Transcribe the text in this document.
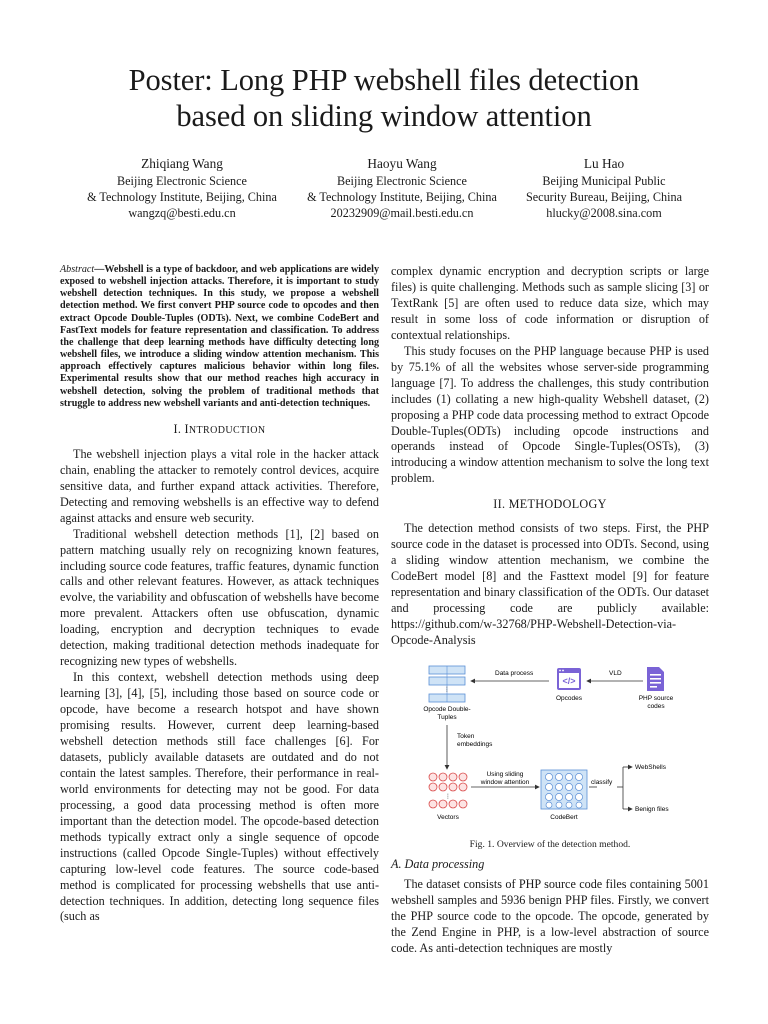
Poster: Long PHP webshell files detection
based on sliding window attention
Zhiqiang Wang
Beijing Electronic Science
& Technology Institute, Beijing, China
wangzq@besti.edu.cn
Haoyu Wang
Beijing Electronic Science
& Technology Institute, Beijing, China
20232909@mail.besti.edu.cn
Lu Hao
Beijing Municipal Public
Security Bureau, Beijing, China
hlucky@2008.sina.com
Abstract—Webshell is a type of backdoor, and web applications are widely exposed to webshell injection attacks. Therefore, it is important to study webshell detection techniques. In this study, we propose a webshell detection method. We first convert PHP source code to opcodes and then extract Opcode Double-Tuples (ODTs). Next, we combine CodeBert and FastText models for feature representation and classification. To address the challenge that deep learning methods have difficulty detecting long webshell files, we introduce a sliding window attention mechanism. This approach effectively captures malicious behavior within long files. Experimental results show that our method reaches high accuracy in webshell detection, solving the problem of traditional methods that struggle to address new webshell variants and anti-detection techniques.
I. INTRODUCTION

The webshell injection plays a vital role in the hacker attack chain, enabling the attacker to remotely control devices, acquire sensitive data, and further expand attack activities. Therefore, Detecting and removing webshells is an effective way to defend against attacks and ensure web security.

Traditional webshell detection methods [1], [2] based on pattern matching usually rely on recognizing known features, including source code features, traffic features, dynamic function calls and other relevant features. However, as attack techniques evolve, the variability and obfuscation of webshells have become more prevalent. Attackers often use obfuscation, dynamic loading, encryption and decryption techniques to evade detection, making traditional detection methods inadequate for recognizing new types of webshells.

In this context, webshell detection methods using deep learning [3], [4], [5], including those based on source code or opcode, have become a research hotspot and have shown promising results. However, current deep learning-based webshell detection methods still face challenges [6]. For datasets, publicly available datasets are outdated and do not contain the latest samples. Therefore, their performance in real-world environments for detecting may not be good. For data processing, a good data processing method is often more important than the detection model. The opcode-based detection methods typically extract only a single sequence of opcode instructions (called Opcode Single-Tuples) without effectively capturing low-level code features. The source code-based method is complicated for processing webshells that use anti-detection techniques. In addition, detecting long sequence files (such as

complex dynamic encryption and decryption scripts or large files) is quite challenging. Methods such as sample slicing [3] or TextRank [5] are often used to reduce data size, which may result in some loss of code information or disruption of contextual relationships.

This study focuses on the PHP language because PHP is used by 75.1% of all the websites whose server-side programming language [7]. To address the challenges, this study contribution includes (1) collating a new high-quality Webshell dataset, (2) proposing a PHP code data processing method to extract Opcode Double-Tuples(ODTs) including opcode instructions and operands instead of Opcode Single-Tuples(OSTs), (3) introducing a window attention mechanism to solve the long text problem.

II. METHODOLOGY

The detection method consists of two steps. First, the PHP source code in the dataset is processed into ODTs. Second, using a sliding window attention mechanism, we combine the CodeBert model [8] and the Fasttext model [9] for feature representation and binary classification of the ODTs. Our dataset and processing code are publicly available: https://github.com/w-32768/PHP-Webshell-Detection-via-Opcode-Analysis

⋮
Opcode Double-
Tuples
Data process
</>
Opcodes
VLD
PHP source
codes
Token
embeddings
⋮
Vectors
Using sliding
window attention
CodeBert
classify
WebShells
Benign files
Fig. 1. Overview of the detection method.
A. Data processing

The dataset consists of PHP source code files containing 5001 webshell samples and 5936 benign PHP files. Firstly, we convert the PHP source code to the opcode. The opcode, generated by the Zend Engine in PHP, is a low-level abstraction of source code. As anti-detection techniques are mostly
